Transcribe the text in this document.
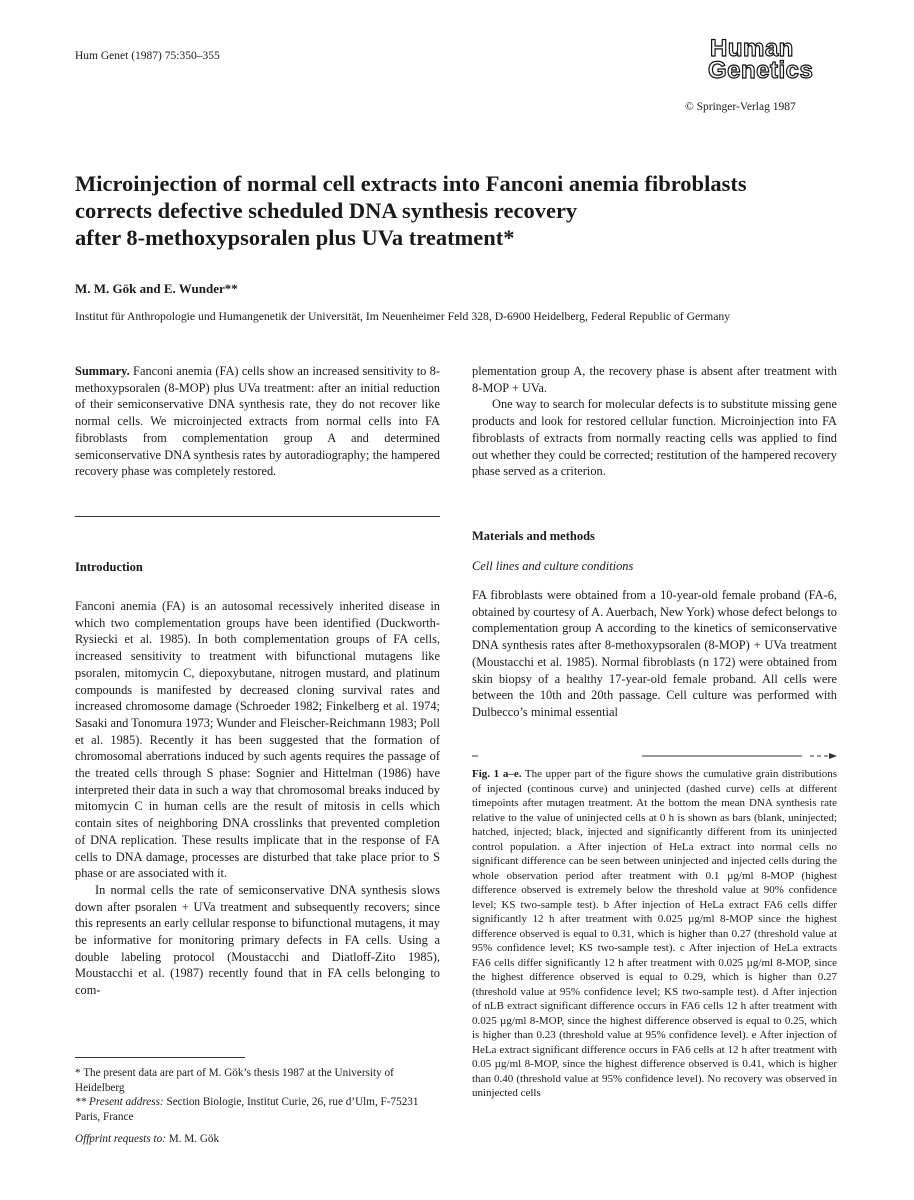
Hum Genet (1987) 75:350–355	Human
Genetics
© Springer-Verlag 1987
Microinjection of normal cell extracts into Fanconi anemia fibroblasts
corrects defective scheduled DNA synthesis recovery
after 8-methoxypsoralen plus UVa treatment*
M. M. Gök and E. Wunder**
Institut für Anthropologie und Humangenetik der Universität, Im Neuenheimer Feld 328, D-6900 Heidelberg, Federal Republic of Germany

Summary. Fanconi anemia (FA) cells show an increased sensitivity to 8-methoxypsoralen (8-MOP) plus UVa treatment: after an initial reduction of their semiconservative DNA synthesis rate, they do not recover like normal cells. We microinjected extracts from normal cells into FA fibroblasts from complementation group A and determined semiconservative DNA synthesis rates by autoradiography; the hampered recovery phase was completely restored.

Introduction

Fanconi anemia (FA) is an autosomal recessively inherited disease in which two complementation groups have been identified (Duckworth-Rysiecki et al. 1985). In both complementation groups of FA cells, increased sensitivity to treatment with bifunctional mutagens like psoralen, mitomycin C, diepoxybutane, nitrogen mustard, and platinum compounds is manifested by decreased cloning survival rates and increased chromosome damage (Schroeder 1982; Finkelberg et al. 1974; Sasaki and Tonomura 1973; Wunder and Fleischer-Reichmann 1983; Poll et al. 1985). Recently it has been suggested that the formation of chromosomal aberrations induced by such agents requires the passage of the treated cells through S phase: Sognier and Hittelman (1986) have interpreted their data in such a way that chromosomal breaks induced by mitomycin C in human cells are the result of mitosis in cells which contain sites of neighboring DNA crosslinks that prevented completion of DNA replication. These results implicate that in the response of FA cells to DNA damage, processes are disturbed that take place prior to S phase or are associated with it.

In normal cells the rate of semiconservative DNA synthesis slows down after psoralen + UVa treatment and subsequently recovers; since this represents an early cellular response to bifunctional mutagens, it may be informative for monitoring primary defects in FA cells. Using a double labeling protocol (Moustacchi and Diatloff-Zito 1985), Moustacchi et al. (1987) recently found that in FA cells belonging to com-

* The present data are part of M. Gök’s thesis 1987 at the University of Heidelberg

** Present address: Section Biologie, Institut Curie, 26, rue d’Ulm, F-75231 Paris, France

Offprint requests to: M. M. Gök

plementation group A, the recovery phase is absent after treatment with 8-MOP + UVa.

One way to search for molecular defects is to substitute missing gene products and look for restored cellular function. Microinjection into FA fibroblasts of extracts from normally reacting cells was applied to find out whether they could be corrected; restitution of the hampered recovery phase served as a criterion.

Materials and methods
Cell lines and culture conditions

FA fibroblasts were obtained from a 10-year-old female proband (FA-6, obtained by courtesy of A. Auerbach, New York) whose defect belongs to complementation group A according to the kinetics of semiconservative DNA synthesis rates after 8-methoxypsoralen (8-MOP) + UVa treatment (Moustacchi et al. 1985). Normal fibroblasts (n 172) were obtained from skin biopsy of a healthy 17-year-old female proband. All cells were between the 10th and 20th passage. Cell culture was performed with Dulbecco’s minimal essential

Fig. 1 a–e. The upper part of the figure shows the cumulative grain distributions of injected (continous curve) and uninjected (dashed curve) cells at different timepoints after mutagen treatment. At the bottom the mean DNA synthesis rate relative to the value of uninjected cells at 0 h is shown as bars (blank, uninjected; hatched, injected; black, injected and significantly different from its uninjected control population. a After injection of HeLa extract into normal cells no significant difference can be seen between uninjected and injected cells during the whole observation period after treatment with 0.1 µg/ml 8-MOP (highest difference observed is extremely below the threshold value at 90% confidence level; KS two-sample test). b After injection of HeLa extract FA6 cells differ significantly 12 h after treatment with 0.025 µg/ml 8-MOP since the highest difference observed is equal to 0.31, which is higher than 0.27 (threshold value at 95% confidence level; KS two-sample test). c After injection of HeLa extracts FA6 cells differ significantly 12 h after treatment with 0.025 µg/ml 8-MOP, since the highest difference observed is equal to 0.29, which is higher than 0.27 (threshold value at 95% confidence level; KS two-sample test). d After injection of nLB extract significant difference occurs in FA6 cells 12 h after treatment with 0.025 µg/ml 8-MOP, since the highest difference observed is equal to 0.25, which is higher than 0.23 (threshold value at 95% confidence level). e After injection of HeLa extract significant difference occurs in FA6 cells at 12 h after treatment with 0.05 µg/ml 8-MOP, since the highest difference observed is 0.41, which is higher than 0.40 (threshold value at 95% confidence level). No recovery was observed in uninjected cells
